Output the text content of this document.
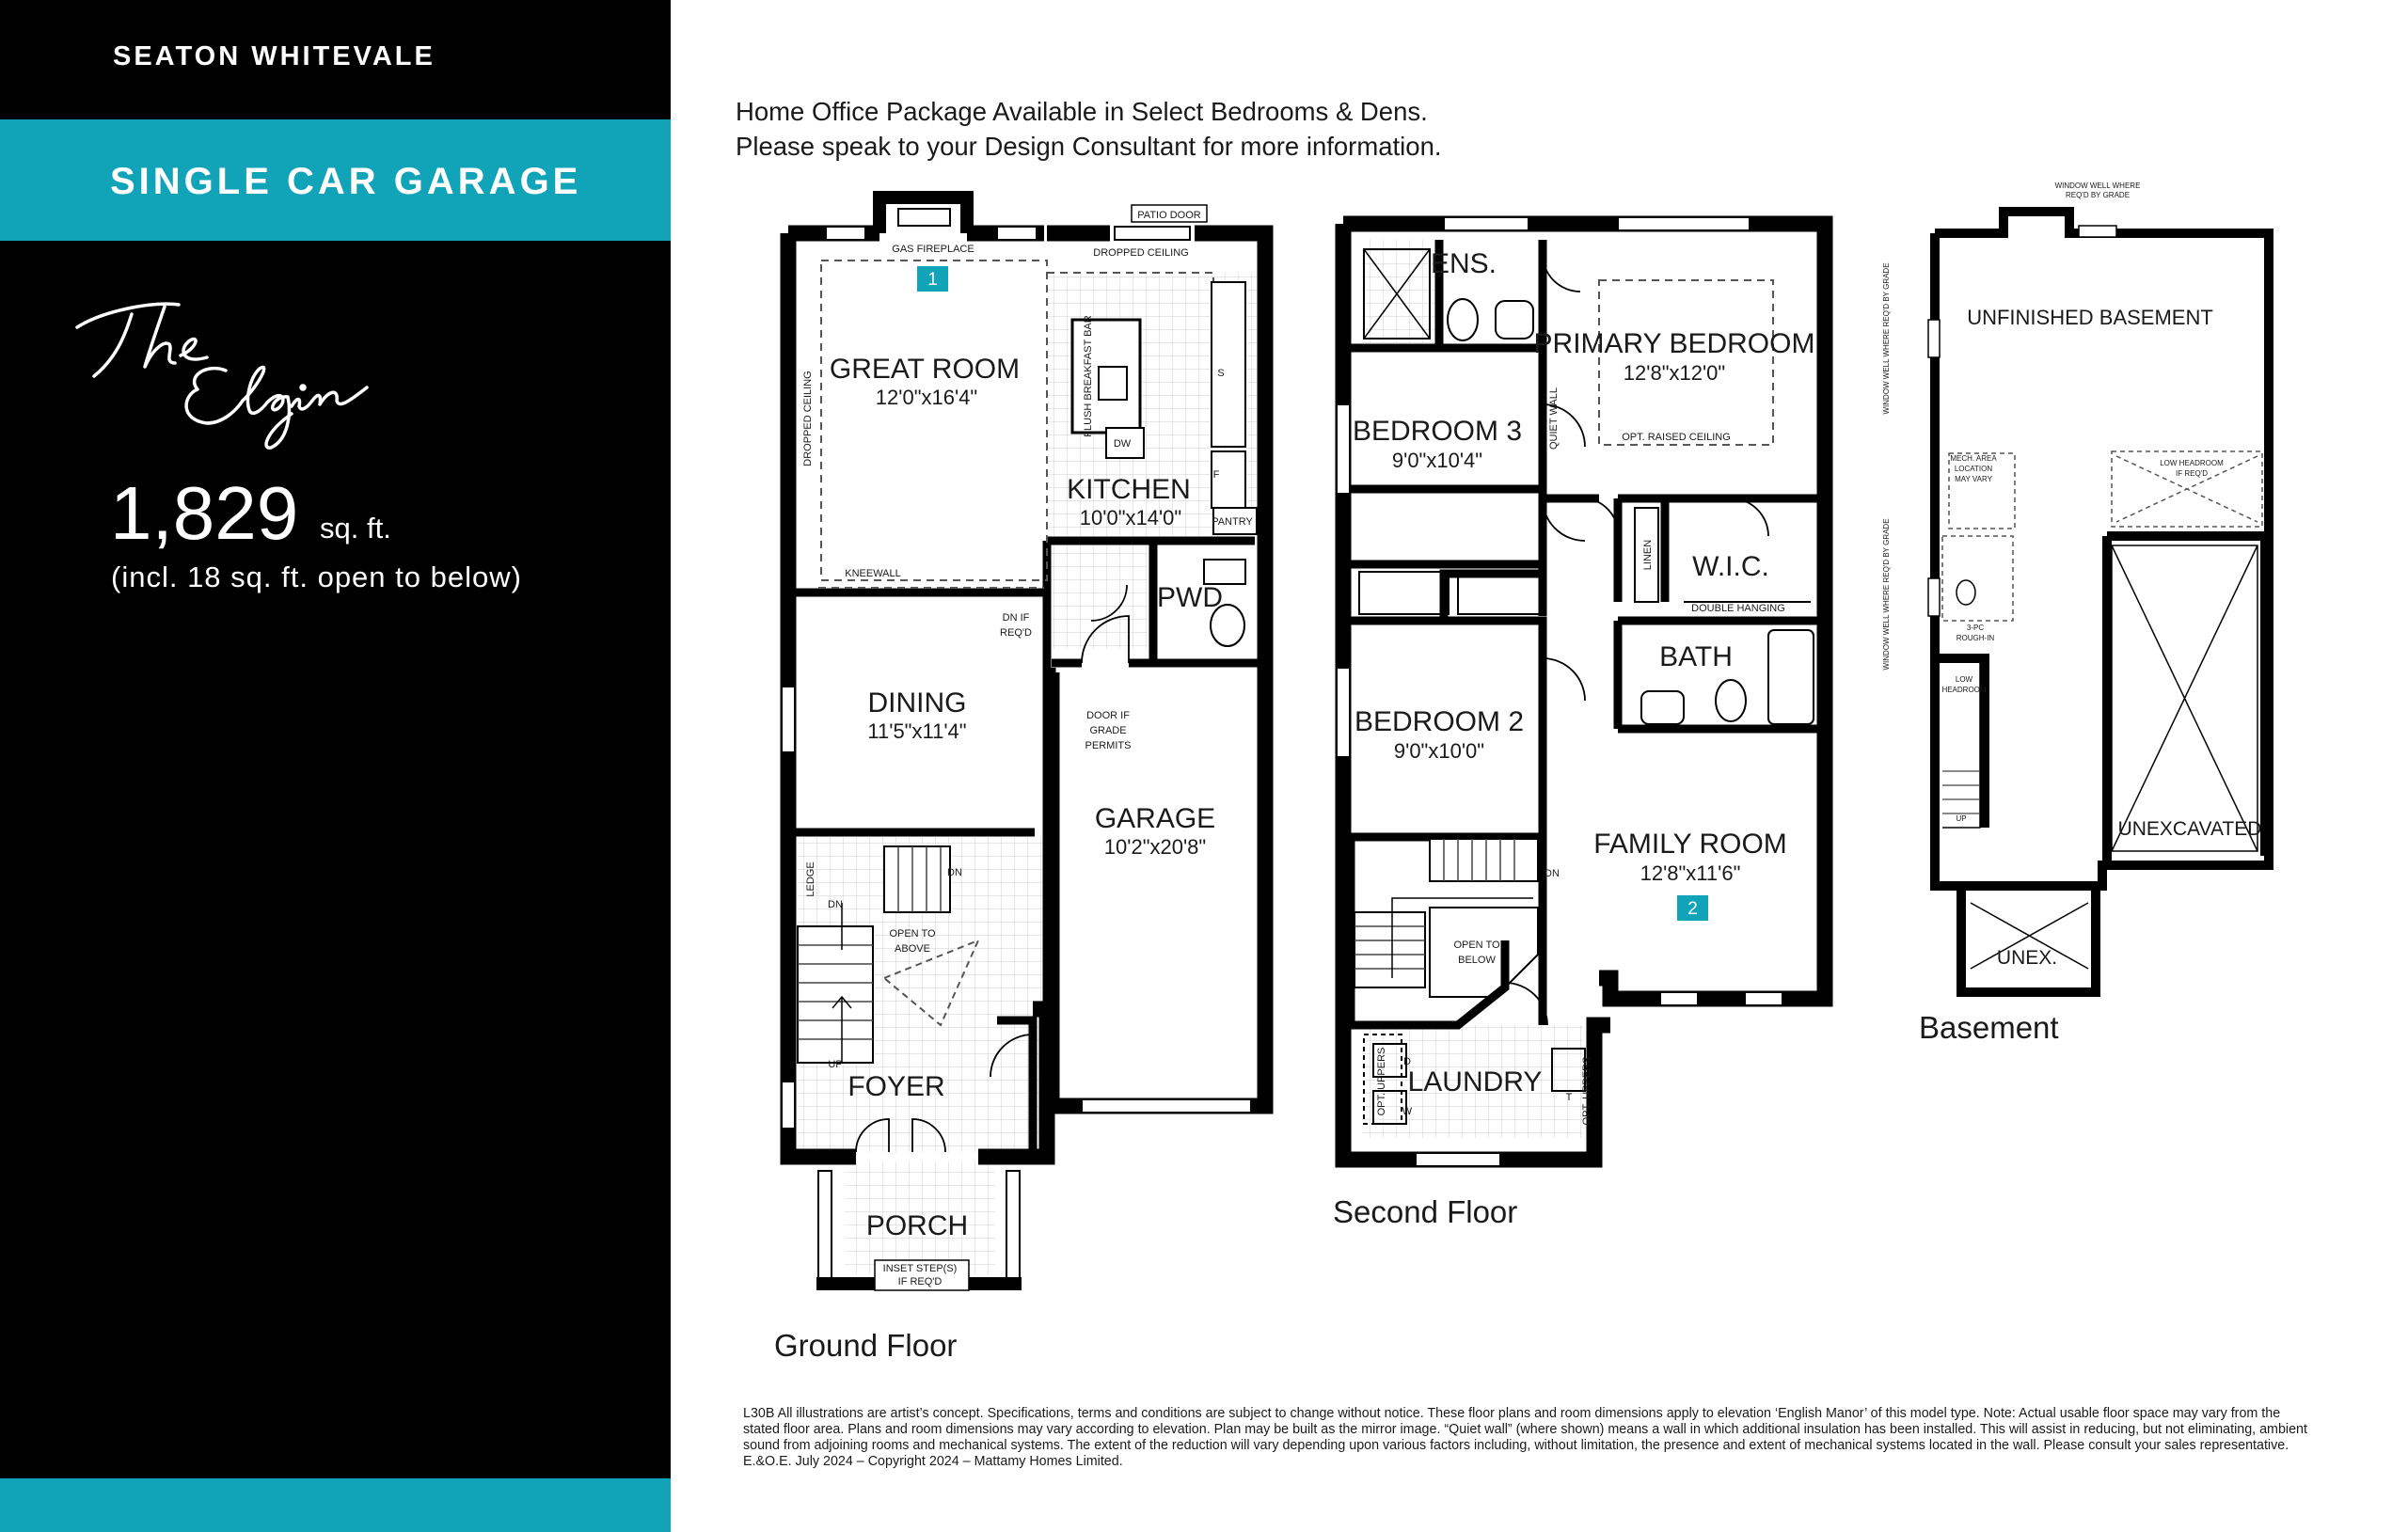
SEATON WHITEVALE
SINGLE CAR GARAGE
1,829 sq. ft.
(incl. 18 sq. ft. open to below)
Home Office Package Available in Select Bedrooms & Dens.
Please speak to your Design Consultant for more information.
1
GREAT ROOM
12'0"x16'4"
KITCHEN
10'0"x14'0"
PWD
DINING
11'5"x11'4"
GARAGE
10'2"x20'8"
FOYER
PORCH
GAS FIREPLACE
PATIO DOOR
DROPPED CEILING
DROPPED CEILING	FLUSH BREAKFAST BAR
DW
S
F
PANTRY
KNEEWALL
DN IF
REQ'D
DOOR IF
GRADE
PERMITS
LEDGE	DN
DN
OPEN TO
ABOVE
UP
INSET STEP(S)
IF REQ'D
2
ENS.
PRIMARY BEDROOM
12'8"x12'0"
BEDROOM 3
9'0"x10'4"
W.I.C.
BATH
BEDROOM 2
9'0"x10'0"
FAMILY ROOM
12'8"x11'6"
LAUNDRY
QUIET WALL	OPT. RAISED CEILING
LINEN
DOUBLE HANGING
DN
OPEN TO
BELOW
OPT. UPPERS	OPT. UPPERS
D
W
T
UNFINISHED BASEMENT
UNEXCAVATED
UNEX.
WINDOW WELL WHERE
REQ'D BY GRADE
WINDOW WELL WHERE REQ'D BY GRADE
WINDOW WELL WHERE REQ'D BY GRADE
MECH. AREA
LOCATION
MAY VARY
LOW HEADROOM
IF REQ'D
3-PC
ROUGH-IN
LOW
HEADROOM
UP
Ground Floor
Second Floor
Basement
L30B All illustrations are artist’s concept. Specifications, terms and conditions are subject to change without notice. These floor plans and room dimensions apply to elevation ‘English Manor’ of this model type. Note: Actual usable floor space may vary from the stated floor area. Plans and room dimensions may vary according to elevation. Plan may be built as the mirror image. “Quiet wall” (where shown) means a wall in which additional insulation has been installed. This will assist in reducing, but not eliminating, ambient sound from adjoining rooms and mechanical systems. The extent of the reduction will vary depending upon various factors including, without limitation, the presence and extent of mechanical systems located in the wall. Please consult your sales representative. E.&O.E. July 2024 – Copyright 2024 – Mattamy Homes Limited.
